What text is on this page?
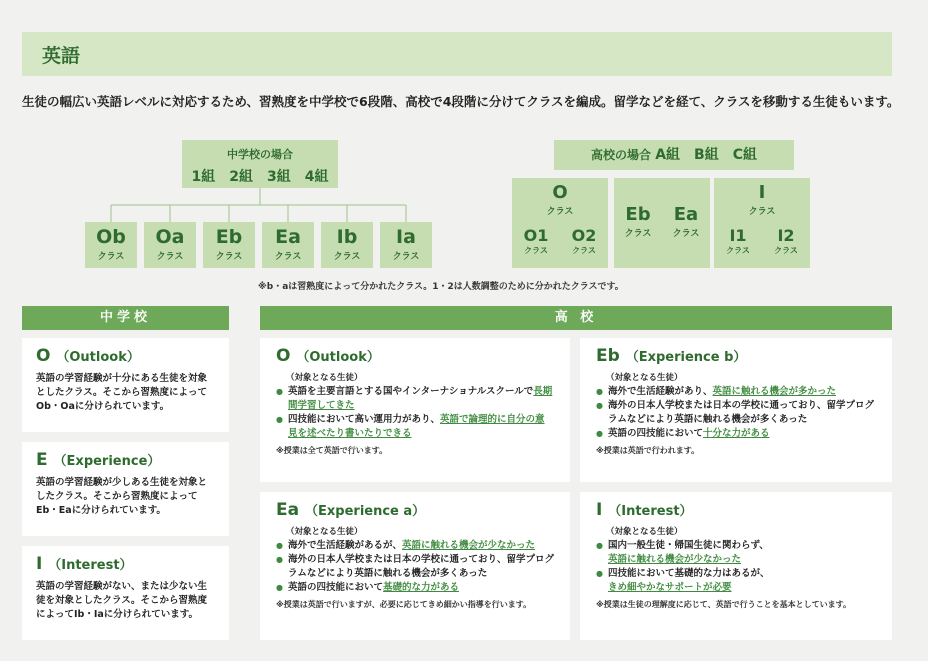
英語
生徒の幅広い英語レベルに対応するため、習熟度を中学校で6段階、高校で4段階に分けてクラスを編成。留学などを経て、クラスを移動する生徒もいます。
中学校の場合
1組　2組　3組　4組
Ob
クラス
Oa
クラス
Eb
クラス
Ea
クラス
Ib
クラス
Ia
クラス
高校の場合 A組　B組　C組
O
クラス
O1
クラス
O2
クラス
Eb
クラス
Ea
クラス
I
クラス
I1
クラス
I2
クラス
※b・aは習熟度によって分かれたクラス。1・2は人数調整のために分かれたクラスです。
中学校	高 校
O （Outlook）

英語の学習経験が十分にある生徒を対象としたクラス。そこから習熟度によってOb・Oaに分けられています。

E （Experience）

英語の学習経験が少しある生徒を対象としたクラス。そこから習熟度によってEb・Eaに分けられています。

I （Interest）

英語の学習経験がない、または少ない生徒を対象としたクラス。そこから習熟度によってIb・Iaに分けられています。

O （Outlook）
（対象となる生徒）
● 英語を主要言語とする国やインターナショナルスクールで長期間学習してきた
● 四技能において高い運用力があり、英語で論理的に自分の意見を述べたり書いたりできる
※授業は全て英語で行います。
Eb （Experience b）
（対象となる生徒）
● 海外で生活経験があり、英語に触れる機会が多かった
● 海外の日本人学校または日本の学校に通っており、留学プログラムなどにより英語に触れる機会が多くあった
● 英語の四技能において十分な力がある
※授業は英語で行われます。
Ea （Experience a）
（対象となる生徒）
● 海外で生活経験があるが、英語に触れる機会が少なかった
● 海外の日本人学校または日本の学校に通っており、留学プログラムなどにより英語に触れる機会が多くあった
● 英語の四技能において基礎的な力がある
※授業は英語で行いますが、必要に応じてきめ細かい指導を行います。
I （Interest）
（対象となる生徒）
● 国内一般生徒・帰国生徒に関わらず、
英語に触れる機会が少なかった
● 四技能において基礎的な力はあるが、
きめ細やかなサポートが必要
※授業は生徒の理解度に応じて、英語で行うことを基本としています。
